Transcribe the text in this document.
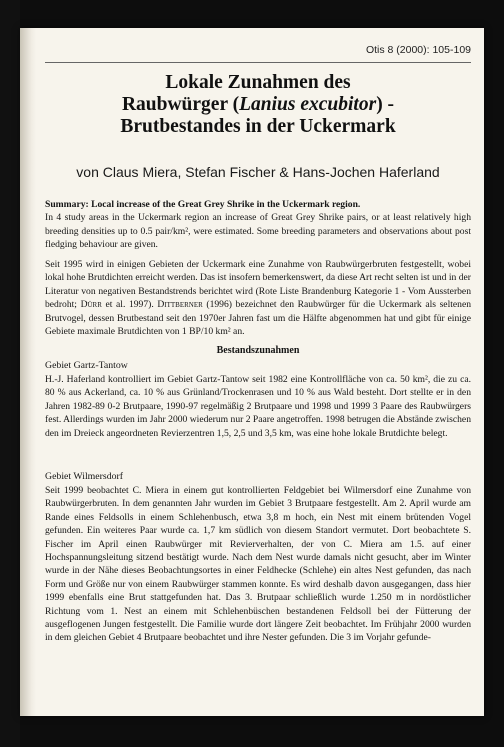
Otis 8 (2000): 105-109
Lokale Zunahmen des
Raubwürger (Lanius excubitor) -
Brutbestandes in der Uckermark
von Claus Miera, Stefan Fischer & Hans-Jochen Haferland
Summary: Local increase of the Great Grey Shrike in the Uckermark region.
In 4 study areas in the Uckermark region an increase of Great Grey Shrike pairs, or at least relatively high breeding densities up to 0.5 pair/km², were estimated. Some breeding parameters and observations about post fledging behaviour are given.
Seit 1995 wird in einigen Gebieten der Uckermark eine Zunahme von Raubwürgerbruten festgestellt, wobei lokal hohe Brutdichten erreicht werden. Das ist insofern bemerkenswert, da diese Art recht selten ist und in der Literatur von negativen Bestandstrends berichtet wird (Rote Liste Brandenburg Kategorie 1 - Vom Aussterben bedroht; Dürr et al. 1997). Dittberner (1996) bezeichnet den Raubwürger für die Uckermark als seltenen Brutvogel, dessen Brutbestand seit den 1970er Jahren fast um die Hälfte abgenommen hat und gibt für einige Gebiete maximale Brutdichten von 1 BP/10 km² an.
Bestandszunahmen
Gebiet Gartz-Tantow
H.-J. Haferland kontrolliert im Gebiet Gartz-Tantow seit 1982 eine Kontrollfläche von ca. 50 km², die zu ca. 80 % aus Ackerland, ca. 10 % aus Grünland/Trockenrasen und 10 % aus Wald besteht. Dort stellte er in den Jahren 1982-89 0-2 Brutpaare, 1990-97 regelmäßig 2 Brutpaare und 1998 und 1999 3 Paare des Raubwürgers fest. Allerdings wurden im Jahr 2000 wiederum nur 2 Paare angetroffen. 1998 betrugen die Abstände zwischen den im Dreieck angeordneten Revierzentren 1,5, 2,5 und 3,5 km, was eine hohe lokale Brutdichte belegt.
Gebiet Wilmersdorf
Seit 1999 beobachtet C. Miera in einem gut kontrollierten Feldgebiet bei Wilmersdorf eine Zunahme von Raubwürgerbruten. In dem genannten Jahr wurden im Gebiet 3 Brutpaare festgestellt. Am 2. April wurde am Rande eines Feldsolls in einem Schlehenbusch, etwa 3,8 m hoch, ein Nest mit einem brütenden Vogel gefunden. Ein weiteres Paar wurde ca. 1,7 km südlich von diesem Standort vermutet. Dort beobachtete S. Fischer im April einen Raubwürger mit Revierverhalten, der von C. Miera am 1.5. auf einer Hochspannungsleitung sitzend bestätigt wurde. Nach dem Nest wurde damals nicht gesucht, aber im Winter wurde in der Nähe dieses Beobachtungsortes in einer Feldhecke (Schlehe) ein altes Nest gefunden, das nach Form und Größe nur von einem Raubwürger stammen konnte. Es wird deshalb davon ausgegangen, dass hier 1999 ebenfalls eine Brut stattgefunden hat. Das 3. Brutpaar schließlich wurde 1.250 m in nordöstlicher Richtung vom 1. Nest an einem mit Schlehenbüschen bestandenen Feldsoll bei der Fütterung der ausgeflogenen Jungen festgestellt. Die Familie wurde dort längere Zeit beobachtet. Im Frühjahr 2000 wurden in dem gleichen Gebiet 4 Brutpaare beobachtet und ihre Nester gefunden. Die 3 im Vorjahr gefunde-
